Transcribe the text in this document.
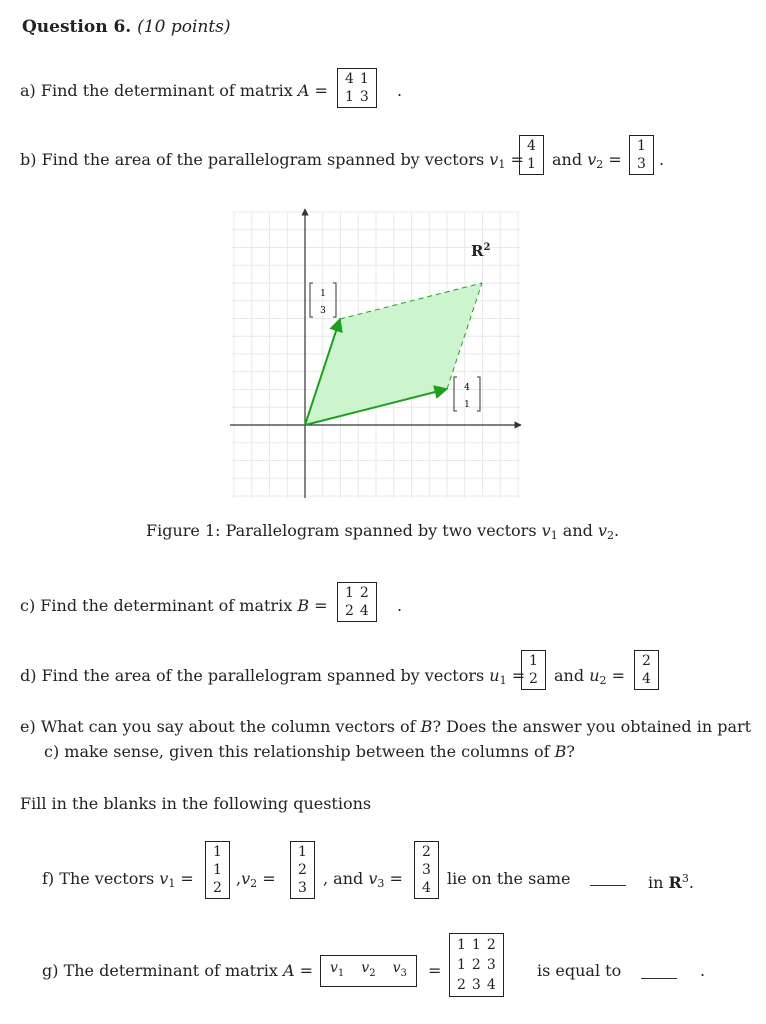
Question 6. (10 points)
a) Find the determinant of matrix A =
4 1
1 3 .
b) Find the area of the parallelogram spanned by vectors v1 =
4
1 and v2 =
1
3 .
$R^2$
1
3
4
1
Figure 1: Parallelogram spanned by two vectors v1 and v2.
c) Find the determinant of matrix B =
1 2
2 4 .
d) Find the area of the parallelogram spanned by vectors u1 =
1
2 and u2 =
2
4
e) What can you say about the column vectors of B? Does the answer you obtained in part
c) make sense, given this relationship between the columns of B?
Fill in the blanks in the following questions
f) The vectors v1 =
1
1
2 ,v2 =
1
2
3 , and v3 =
2
3
4 lie on the same	in $R^3$.
g) The determinant of matrix $A = v_1$	$v_2$	$v_3$ =
1 1 2
1 2 3
2 3 4
is equal to	.
